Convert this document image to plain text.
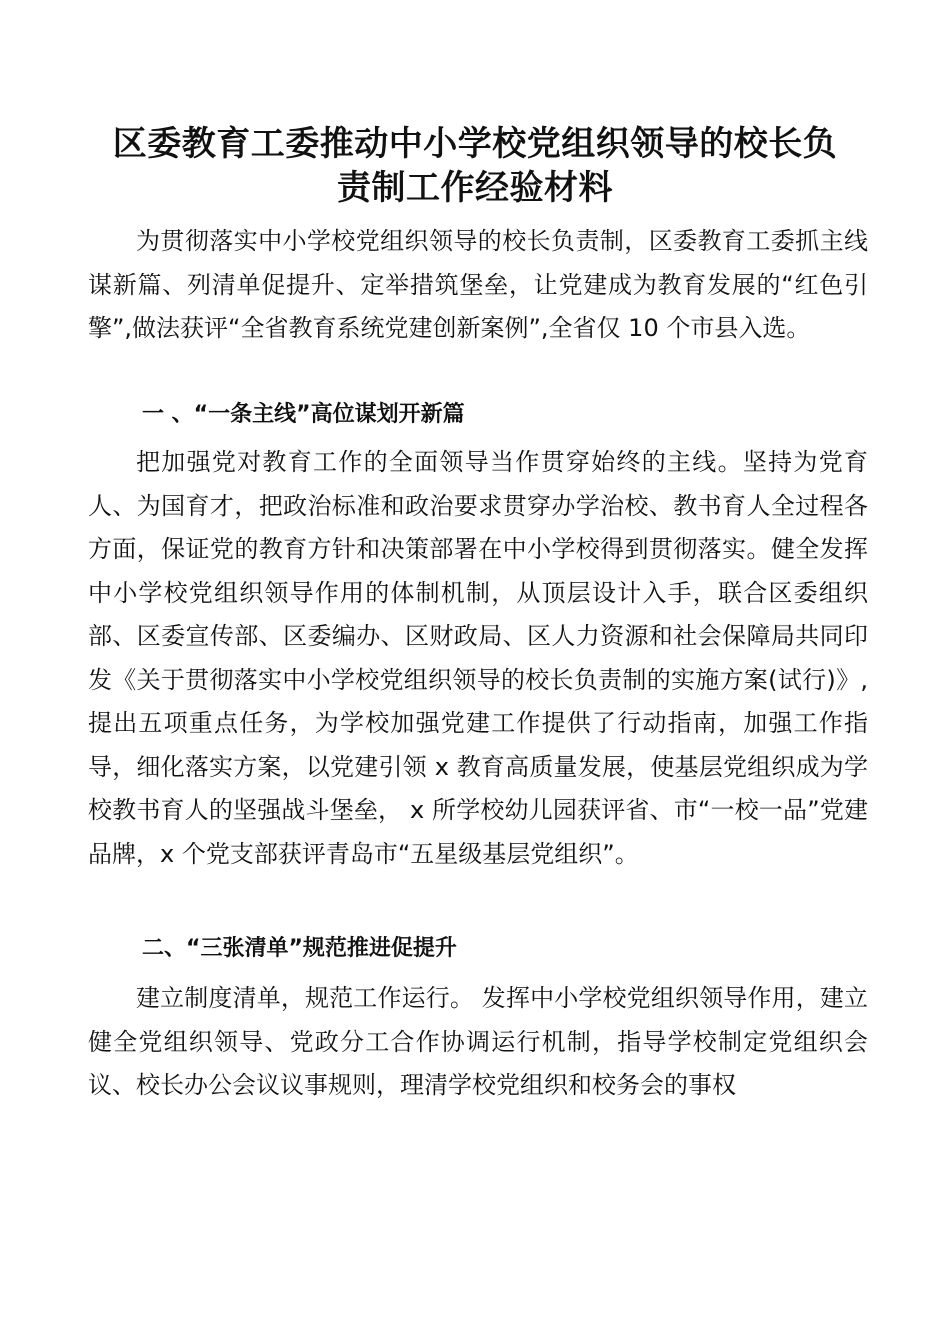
区委教育工委推动中小学校党组织领导的校长负
责制工作经验材料

为贯彻落实中小学校党组织领导的校长负责制，区委教育工委抓主线谋新篇、列清单促提升、定举措筑堡垒，让党建成为教育发展的“红色引擎”,做法获评“全省教育系统党建创新案例”,全省仅 10 个市县入选。

一 、“一条主线”高位谋划开新篇

把加强党对教育工作的全面领导当作贯穿始终的主线。坚持为党育人、为国育才，把政治标准和政治要求贯穿办学治校、教书育人全过程各方面，保证党的教育方针和决策部署在中小学校得到贯彻落实。健全发挥中小学校党组织领导作用的体制机制，从顶层设计入手，联合区委组织部、区委宣传部、区委编办、区财政局、区人力资源和社会保障局共同印发《关于贯彻落实中小学校党组织领导的校长负责制的实施方案(试行)》,提出五项重点任务，为学校加强党建工作提供了行动指南，加强工作指导，细化落实方案，以党建引领 x 教育高质量发展，使基层党组织成为学校教书育人的坚强战斗堡垒， x 所学校幼儿园获评省、市“一校一品”党建品牌，x 个党支部获评青岛市“五星级基层党组织”。

二、“三张清单”规范推进促提升

建立制度清单，规范工作运行。 发挥中小学校党组织领导作用，建立健全党组织领导、党政分工合作协调运行机制，指导学校制定党组织会议、校长办公会议议事规则，理清学校党组织和校务会的事权
